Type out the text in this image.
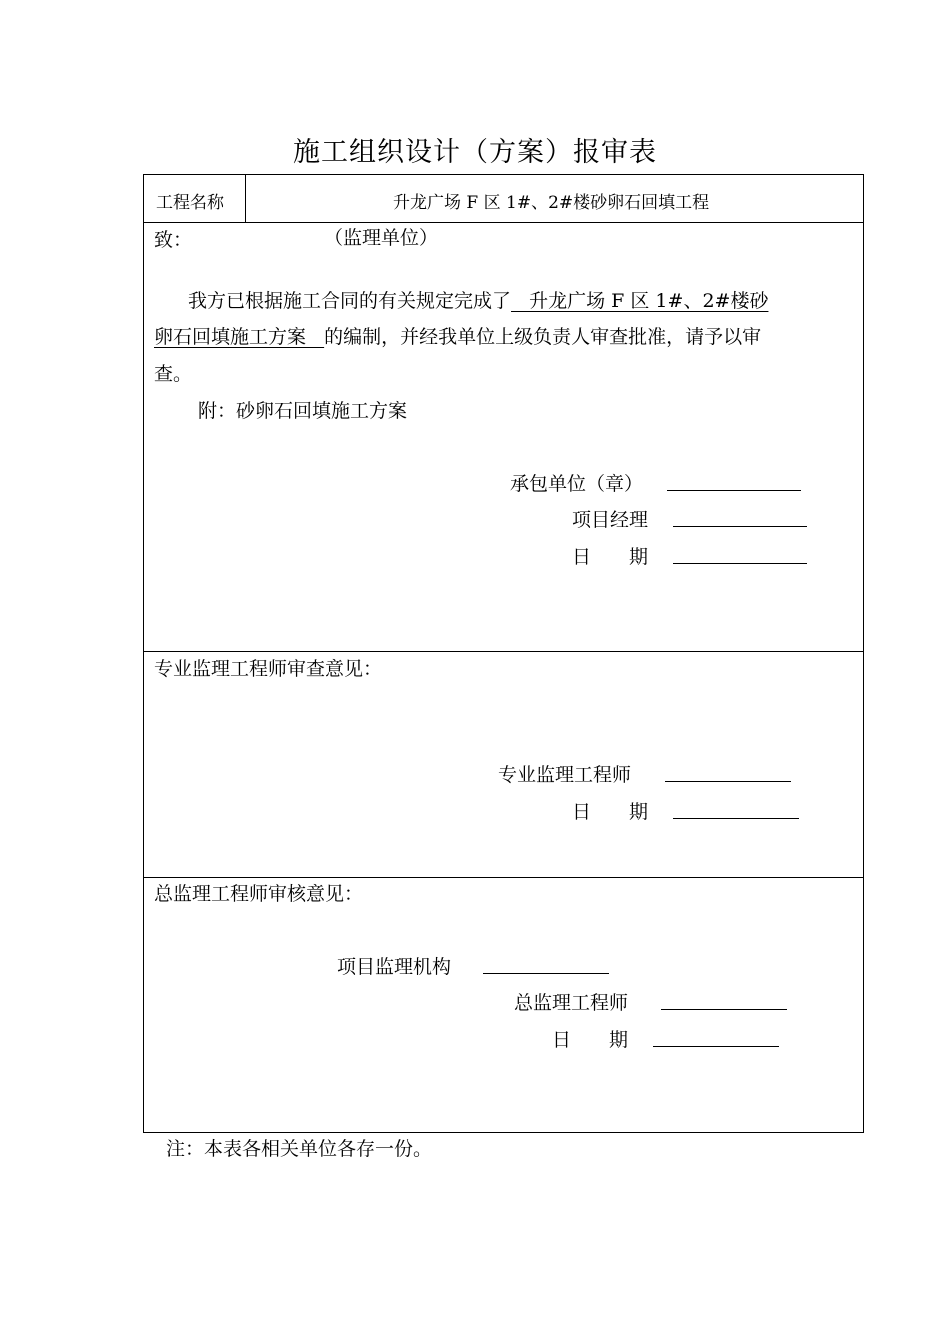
施工组织设计（方案）报审表
工程名称	升龙广场 F 区 1#、2#楼砂卵石回填工程
致：	（监理单位）
我方已根据施工合同的有关规定完成了   升龙广场 F 区 1#、2#楼砂
卵石回填施工方案   的编制，并经我单位上级负责人审查批准，请予以审
查。
附：砂卵石回填施工方案
承包单位（章）
项目经理
日　　期
专业监理工程师审查意见：
专业监理工程师
日　　期
总监理工程师审核意见：
项目监理机构
总监理工程师
日　　期
注：本表各相关单位各存一份。
